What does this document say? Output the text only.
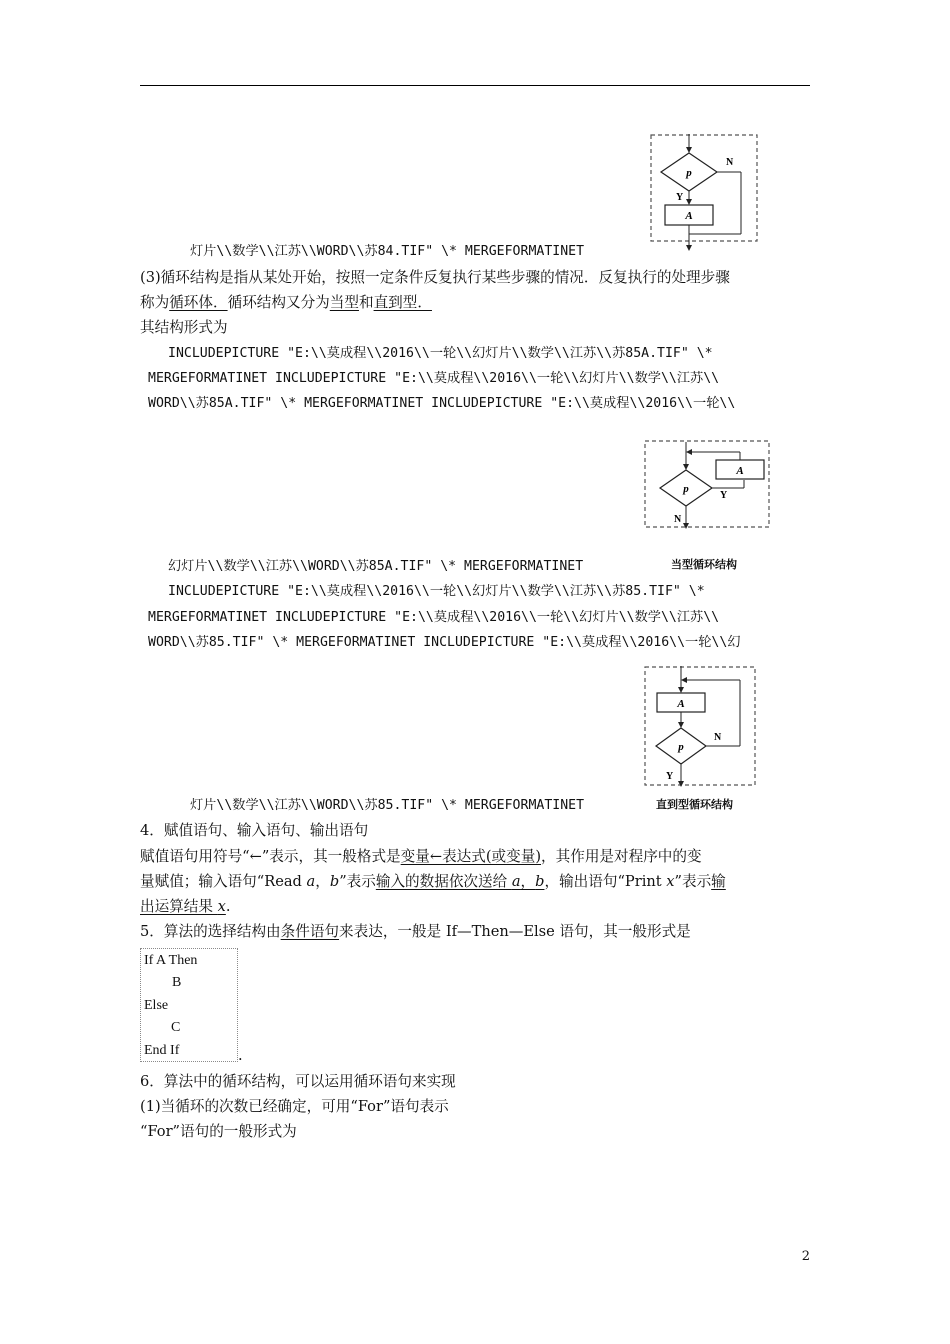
p
Y
A
N
灯片\\数学\\江苏\\WORD\\苏84.TIF" \* MERGEFORMATINET
(3)循环结构是指从某处开始，按照一定条件反复执行某些步骤的情况．反复执行的处理步骤
称为循环体．循环结构又分为当型和直到型．
其结构形式为
INCLUDEPICTURE "E:\\莫成程\\2016\\一轮\\幻灯片\\数学\\江苏\\苏85A.TIF" \*
MERGEFORMATINET INCLUDEPICTURE "E:\\莫成程\\2016\\一轮\\幻灯片\\数学\\江苏\\
WORD\\苏85A.TIF" \* MERGEFORMATINET INCLUDEPICTURE "E:\\莫成程\\2016\\一轮\\
p
Y
A
N
幻灯片\\数学\\江苏\\WORD\\苏85A.TIF" \* MERGEFORMATINET	当型循环结构
INCLUDEPICTURE "E:\\莫成程\\2016\\一轮\\幻灯片\\数学\\江苏\\苏85.TIF" \*
MERGEFORMATINET INCLUDEPICTURE "E:\\莫成程\\2016\\一轮\\幻灯片\\数学\\江苏\\
WORD\\苏85.TIF" \* MERGEFORMATINET INCLUDEPICTURE "E:\\莫成程\\2016\\一轮\\幻
A
p
N
Y
灯片\\数学\\江苏\\WORD\\苏85.TIF" \* MERGEFORMATINET	直到型循环结构
4．赋值语句、输入语句、输出语句
赋值语句用符号“←”表示，其一般格式是变量←表达式(或变量)，其作用是对程序中的变
量赋值；输入语句“Read a，b”表示输入的数据依次送给 a，b，输出语句“Print x”表示输
出运算结果 x.
5．算法的选择结构由条件语句来表达，一般是 If—Then—Else 语句，其一般形式是
If A Then
B
Else
C
End If	.
6．算法中的循环结构，可以运用循环语句来实现
(1)当循环的次数已经确定，可用“For”语句表示
“For”语句的一般形式为
2
